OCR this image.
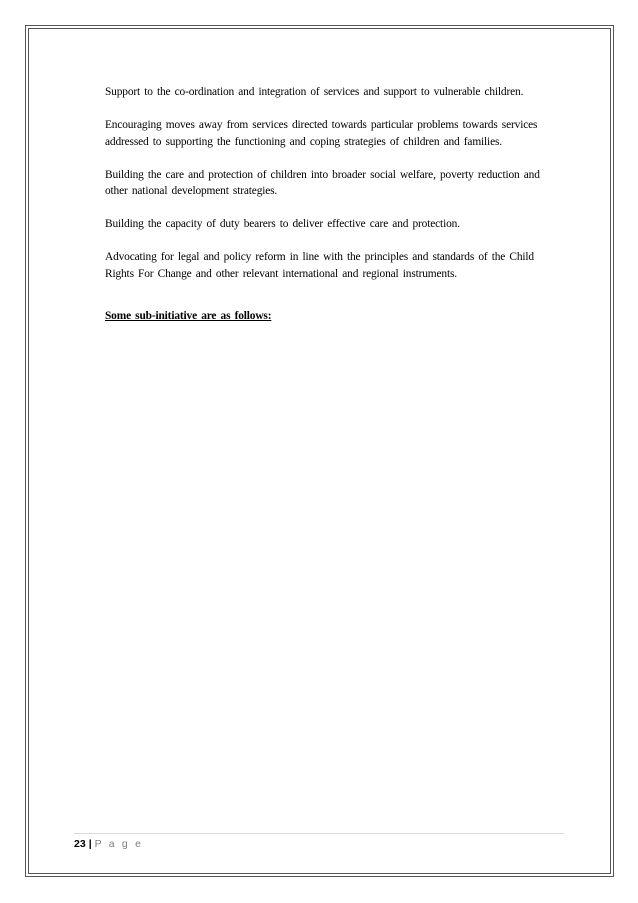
Support to the co-ordination and integration of services and support to vulnerable children.

Encouraging moves away from services directed towards particular problems towards services addressed to supporting the functioning and coping strategies of children and families.

Building the care and protection of children into broader social welfare, poverty reduction and other national development strategies.

Building the capacity of duty bearers to deliver effective care and protection.

Advocating for legal and policy reform in line with the principles and standards of the Child Rights For Change and other relevant international and regional instruments.

Some sub-initiative are as follows:
23 | P a g e
